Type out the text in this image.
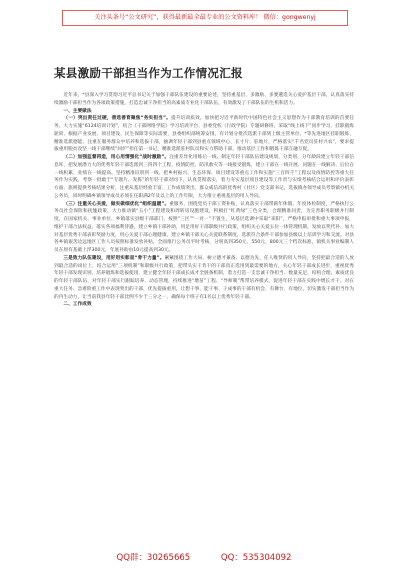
关注头条号“公文研究”，获得最新最全最专业的公文资料库！ 微信：gongwenyj
某县激励干部担当作为工作情况汇报

近年来，*县深入学习贯彻习近平总书记关于加强干部队伍建设的重要论述，坚持重基层、多激励、多要遴选关心爱护基层干部，认真落实持续激励干部担当作为各项政策措施，打造忠诚干净担当的高素质专业化干部队伍，有效激发了干部队伍的生机和活力。

一、主要做法

（一）突出责任过硬，善选善育聚焦“务实担当”。提升培训质效。加快把习近平新时代中国特色社会主义思想作为干部教育培训的首要任务，大力实施“6124培训计划”，结合《干部网络学院》学习培训平台、县委党校（行政学院）专题研修班，采取“线上线下”同步学习、挂职锻炼轮训、根据产业发展、项目建设、民生保障等实际需要，县委组织部统筹安排，有计划分批次选派干部到上级主管单位、*等先进地区挂职锻炼、精准选派德能、注重在服务群众中培养和选拔干部，抽调年轻干部到县重点领域中心、长寸片、驻地片，严格落实“千名党员驻村兴农”，要求提拔重用脱贫攻坚一线干部继续“回炉”担任第一书记，精准选派驻村队员和实力帮助干部，推动基层工作和锻炼干部互融互促。

（二）加强监督再造，用心用情强化“战时激励”。注重差异化用练后一线、制定年轻干部队伍建设规划，分类别、分年龄段建立年轻干部信息库，把发展潜力大的优秀年轻干部选派到三四四个工程、疫情防控、防汛救灾等一线接受锻炼，建立干部在一线开展、问题在一线解决、后位在一线积累、业绩在一线提高。坚持精准识别到一线、把乡村振兴、生态环保、项目建设等重点工作和实施“三百四千”工程以及疫情防控等重大任务作为实践，考察一批敢于“专题片、发拣”的年轻干部对同下，认真贯彻落实，着力夯实基层项目建设等工作责与实绩考核结合运用和评价表彰方面、旅则提供考核结果分析，注重从基层经验丰富、工作成绩突出、群众威信高的优秀村（社区）党支部书记，选拔镇办领导成员考察镇办机关公务员，同时明确乡镇领导成员必须在任职满2年及以上的工作年限，大力推立重视基层的用人导向。

（三）注重关心关爱，做实做细优化“组织温暖”。重服务，围绕党员干部工资补贴，认真落实干部带薪年休假、年度体检制度，严格执行公务员社会保险和抚恤政策，大力推动镇“五小”工程建设和周转房设施建设，积极打“红黄绿”三色分类，合理精准问责，为完善职务职级并行制度，在国家机关、事业单位、乡镇落实县级干部部门，按照“三区”“一对一”不置生，从基层选调中采取“来阳”，严格申报审批和重大事项申报，维护干部合法权益，落实各项福利待遇，建立乡镇干部补助，用足用好干部职级并行政策，组织关心关爱五位一体管理机制，发放以奖代补、加大对基层优秀干部表彰奖励力度，用心关爱干部心理健康，建立乡镇干部关心关爱联系制度，选派符合条件干部参加县级以上培训学习和交流。对县各乡镇艰苦边远地区工作人员按照标准发放补贴，全面推行公务员平时考核，分别高到350元、550元、800元三个档次标准，镇机关事业编制人员在原有基础上浮300元，年底补助由10元提高到30元。

三是致力队伍建设，用好用实彰显“骨干力量”。紧紧围绕工作大局，树立德才兼备、以德为先、任人唯贤的用人导向，坚持把最合适的人放到最合适的岗位上，结合运用“三项机制”和职级并行政策，把带头实干肯干的干部真正选用到最需要的地方，关心年轻干部成长进步，重视优秀年轻干部发现识别、培养锻炼和选拔使用，建立健全年轻干部成长成才全链条机制，着力打造一支忠诚干净担当、数量充足、结构合理、素质优良的年轻干部队伍，对年轻干部实行跟踪培养、动态管理，持续推进“墩苗”工程、“导师制”帮带培养模式，促进年轻干部在实践中增长才干。对在重大任务、急难险重工作中表现突出的干部，优先提拔重用，让想干事、能干事、干成事的干部有机会、有舞台、有地位，切实激发干部担当作为的内生动力，让当前我县年轻干部比例不少于三分之一，确保每个班子有1名以上优秀年轻干部。

二、工作成效

QQ群：30265665	QQ：535304092
